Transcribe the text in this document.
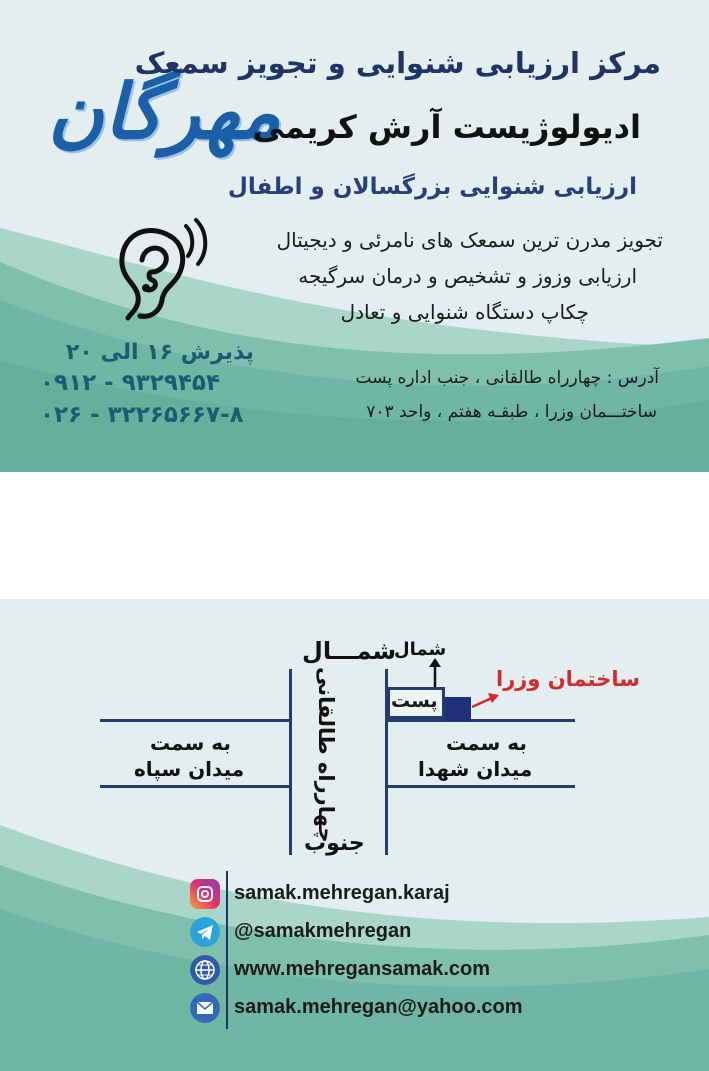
مهرگان
مرکز ارزیابی شنوایی و تجویز سمعک
ادیولوژیست آرش کریمی
ارزیابی شنوایی بزرگسالان و اطفال
تجویز مدرن ترین سمعک های نامرئی و دیجیتال
ارزیابی وزوز و تشخیص و درمان سرگیجه
چکاپ دستگاه شنوایی و تعادل
پذیرش ۱۶ الی ۲۰
۰۹۱۲ - ۹۳۲۹۴۵۴
۰۲۶ - ۳۲۲۶۵۶۶۷-۸
آدرس : چهارراه طالقانی ، جنب اداره پست
ساختـــمان وزرا ، طبقـه هفتم ، واحد ۷۰۳
پست
شمـــال
شمال
ساختمان وزرا
چهارراه طالقانی
جنوب
به سمت
میدان سپاه
به سمت
میدان شهدا
samak.mehregan.karaj
@samakmehregan
www.mehregansamak.com
samak.mehregan@yahoo.com
